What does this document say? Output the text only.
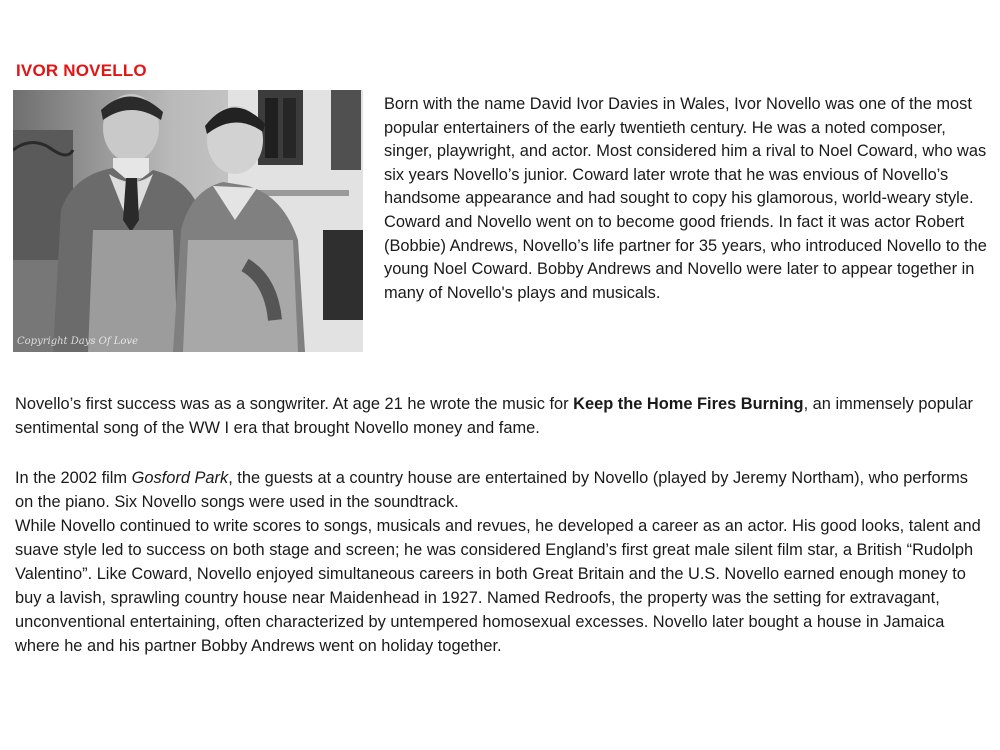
IVOR NOVELLO
Copyright Days Of Love

Born with the name David Ivor Davies in Wales, Ivor Novello was one of the most popular entertainers of the early twentieth century. He was a noted composer, singer, playwright, and actor. Most considered him a rival to Noel Coward, who was six years Novello’s junior. Coward later wrote that he was envious of Novello’s handsome appearance and had sought to copy his glamorous, world-weary style. Coward and Novello went on to become good friends. In fact it was actor Robert (Bobbie) Andrews, Novello’s life partner for 35 years, who introduced Novello to the young Noel Coward. Bobby Andrews and Novello were later to appear together in many of Novello's plays and musicals.

Novello’s first success was as a songwriter. At age 21 he wrote the music for Keep the Home Fires Burning, an immensely popular sentimental song of the WW I era that brought Novello money and fame.

In the 2002 film Gosford Park, the guests at a country house are entertained by Novello (played by Jeremy Northam), who performs on the piano. Six Novello songs were used in the soundtrack.

While Novello continued to write scores to songs, musicals and revues, he developed a career as an actor. His good looks, talent and suave style led to success on both stage and screen; he was considered England’s first great male silent film star, a British “Rudolph Valentino”. Like Coward, Novello enjoyed simultaneous careers in both Great Britain and the U.S. Novello earned enough money to buy a lavish, sprawling country house near Maidenhead in 1927. Named Redroofs, the property was the setting for extravagant, unconventional entertaining, often characterized by untempered homosexual excesses. Novello later bought a house in Jamaica where he and his partner Bobby Andrews went on holiday together.
